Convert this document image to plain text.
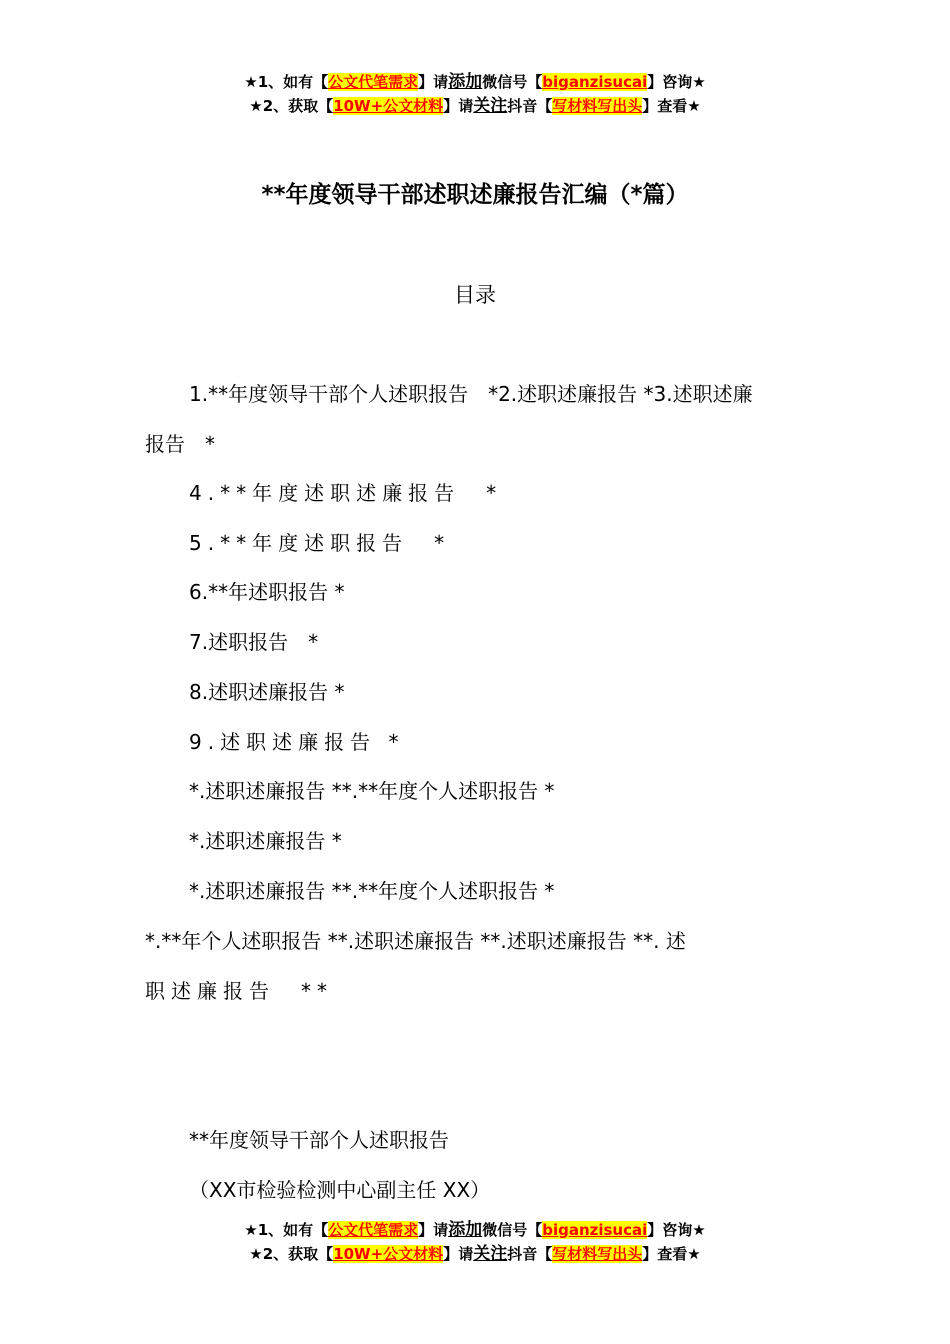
★1、如有【公文代笔需求】请添加微信号【biganzisucai】咨询★
★2、获取【10W+公文材料】请关注抖音【写材料写出头】查看★
**年度领导干部述职述廉报告汇编（*篇）
目录
1.**年度领导干部个人述职报告　*2.述职述廉报告 *3.述职述廉
报告　*
4.**年度述职述廉报告　*
5.**年度述职报告　*
6.**年述职报告 *
7.述职报告　*
8.述职述廉报告 *
9.述职述廉报告 *
*.述职述廉报告 **.**年度个人述职报告 *
*.述职述廉报告 *
*.述职述廉报告 **.**年度个人述职报告 *
*.**年个人述职报告 **.述职述廉报告 **.述职述廉报告 **. 述
职述廉报告　**
**年度领导干部个人述职报告
（XX市检验检测中心副主任 XX）
★1、如有【公文代笔需求】请添加微信号【biganzisucai】咨询★
★2、获取【10W+公文材料】请关注抖音【写材料写出头】查看★
